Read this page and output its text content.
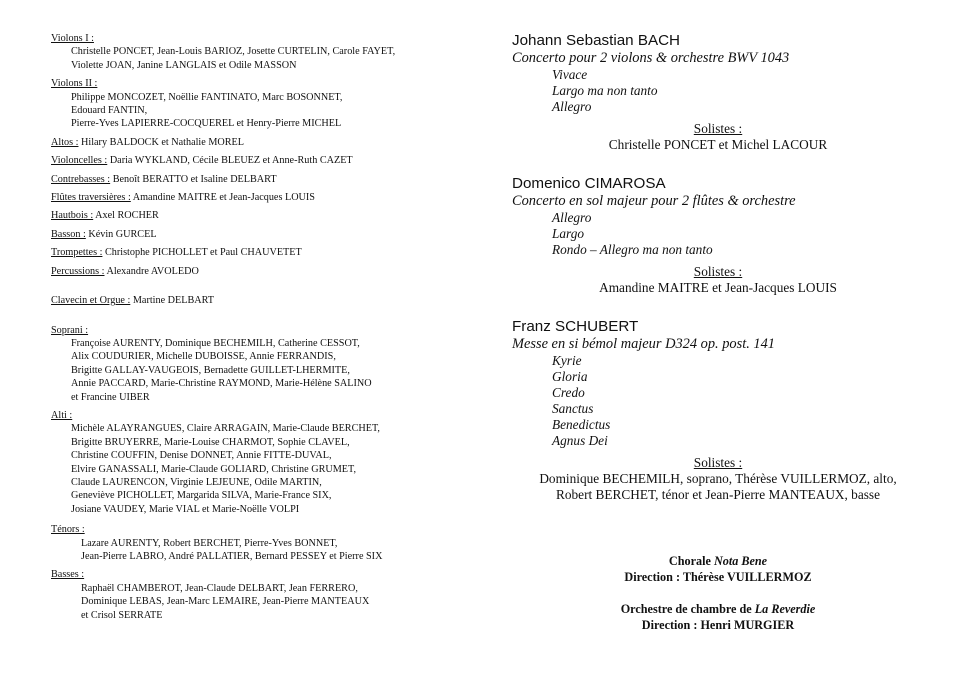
Violons I :
Christelle PONCET, Jean-Louis BARIOZ, Josette CURTELIN, Carole FAYET,
Violette JOAN, Janine LANGLAIS et Odile MASSON
Violons II :
Philippe MONCOZET, Noëllie FANTINATO, Marc BOSONNET,
Edouard FANTIN,
Pierre-Yves LAPIERRE-COCQUEREL et Henry-Pierre MICHEL
Altos : Hilary BALDOCK et Nathalie MOREL
Violoncelles : Daria WYKLAND, Cécile BLEUEZ et Anne-Ruth CAZET
Contrebasses : Benoît BERATTO et Isaline DELBART
Flûtes traversières : Amandine MAITRE et Jean-Jacques LOUIS
Hautbois : Axel ROCHER
Basson : Kévin GURCEL
Trompettes : Christophe PICHOLLET et Paul CHAUVETET
Percussions : Alexandre AVOLEDO
Clavecin et Orgue : Martine DELBART
Soprani :
Françoise AURENTY, Dominique BECHEMILH, Catherine CESSOT,
Alix COUDURIER, Michelle DUBOISSE, Annie FERRANDIS,
Brigitte GALLAY-VAUGEOIS, Bernadette GUILLET-LHERMITE,
Annie PACCARD, Marie-Christine RAYMOND, Marie-Hélène SALINO
et Francine UIBER
Alti :
Michèle ALAYRANGUES, Claire ARRAGAIN, Marie-Claude BERCHET,
Brigitte BRUYERRE, Marie-Louise CHARMOT, Sophie CLAVEL,
Christine COUFFIN, Denise DONNET, Annie FITTE-DUVAL,
Elvire GANASSALI, Marie-Claude GOLIARD, Christine GRUMET,
Claude LAURENCON, Virginie LEJEUNE, Odile MARTIN,
Geneviève PICHOLLET, Margarida SILVA, Marie-France SIX,
Josiane VAUDEY, Marie VIAL et Marie-Noëlle VOLPI
Ténors :
Lazare AURENTY, Robert BERCHET, Pierre-Yves BONNET,
Jean-Pierre LABRO, André PALLATIER, Bernard PESSEY et Pierre SIX
Basses :
Raphaël CHAMBEROT, Jean-Claude DELBART, Jean FERRERO,
Dominique LEBAS, Jean-Marc LEMAIRE, Jean-Pierre MANTEAUX
et Crisol SERRATE
Johann Sebastian BACH
Concerto pour 2 violons & orchestre BWV 1043
Vivace
Largo ma non tanto
Allegro
Solistes :
Christelle PONCET et Michel LACOUR
Domenico CIMAROSA
Concerto en sol majeur pour 2 flûtes & orchestre
Allegro
Largo
Rondo – Allegro ma non tanto
Solistes :
Amandine MAITRE et Jean-Jacques LOUIS
Franz SCHUBERT
Messe en si bémol majeur D324 op. post. 141
Kyrie
Gloria
Credo
Sanctus
Benedictus
Agnus Dei
Solistes :
Dominique BECHEMILH, soprano, Thérèse VUILLERMOZ, alto,
Robert BERCHET, ténor et Jean-Pierre MANTEAUX, basse
Chorale Nota Bene
Direction : Thérèse VUILLERMOZ
Orchestre de chambre de La Reverdie
Direction : Henri MURGIER
